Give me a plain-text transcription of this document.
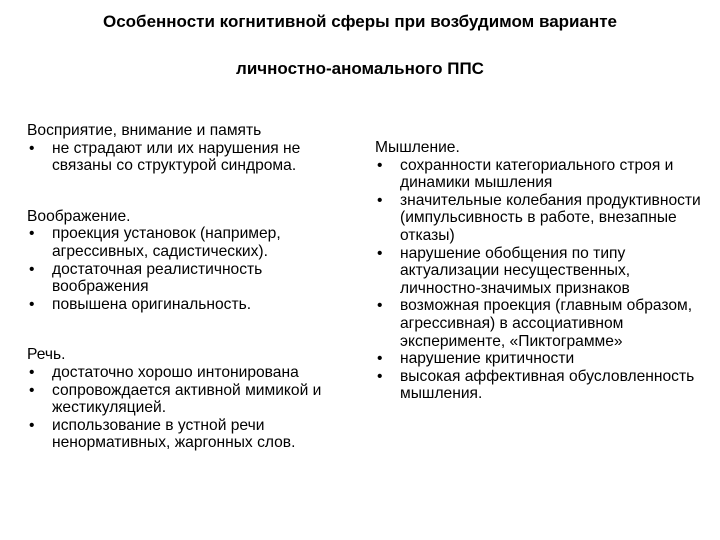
Особенности когнитивной сферы при возбудимом варианте
личностно-аномального ППС
Восприятие, внимание и память
• не страдают или их нарушения не связаны со структурой синдрома.
Воображение.
• проекция установок (например, агрессивных, садистических).
• достаточная реалистичность воображения
• повышена оригинальность.
Речь.
• достаточно хорошо интонирована
• сопровождается активной мимикой и жестикуляцией.
• использование в устной речи ненормативных, жаргонных слов.
Мышление.
• сохранности категориального строя и динамики мышления
• значительные колебания продуктивности (импульсивность в работе, внезапные отказы)
• нарушение обобщения по типу актуализации несущественных, личностно-значимых признаков
• возможная проекция (главным образом, агрессивная) в ассоциативном эксперименте, «Пиктограмме»
• нарушение критичности
• высокая аффективная обусловленность мышления.
